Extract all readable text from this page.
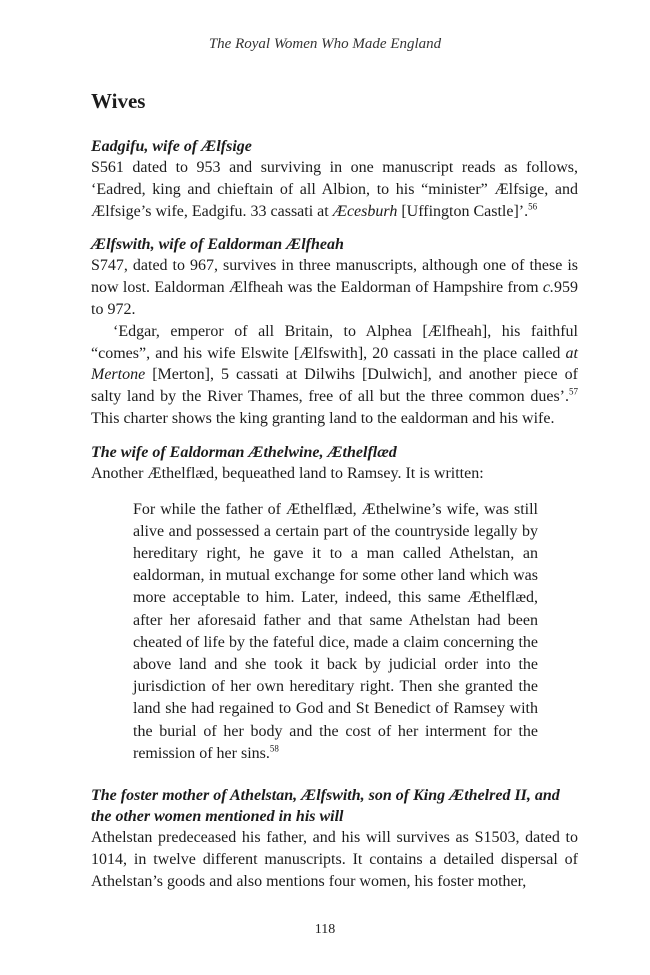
The Royal Women Who Made England
Wives
Eadgifu, wife of Ælfsige

S561 dated to 953 and surviving in one manuscript reads as follows, ‘Eadred, king and chieftain of all Albion, to his “minister” Ælfsige, and Ælfsige’s wife, Eadgifu. 33 cassati at Æcesburh [Uffington Castle]’.$^{56}$

Ælfswith, wife of Ealdorman Ælfheah

S747, dated to 967, survives in three manuscripts, although one of these is now lost. Ealdorman Ælfheah was the Ealdorman of Hampshire from c.959 to 972.

‘Edgar, emperor of all Britain, to Alphea [Ælfheah], his faithful “comes”, and his wife Elswite [Ælfswith], 20 cassati in the place called at Mertone [Merton], 5 cassati at Dilwihs [Dulwich], and another piece of salty land by the River Thames, free of all but the three common dues’.$^{57}$ This charter shows the king granting land to the ealdorman and his wife.

The wife of Ealdorman Æthelwine, Æthelflæd

Another Æthelflæd, bequeathed land to Ramsey. It is written:

For while the father of Æthelflæd, Æthelwine’s wife, was still alive and possessed a certain part of the countryside legally by hereditary right, he gave it to a man called Athelstan, an ealdorman, in mutual exchange for some other land which was more acceptable to him. Later, indeed, this same Æthelflæd, after her aforesaid father and that same Athelstan had been cheated of life by the fateful dice, made a claim concerning the above land and she took it back by judicial order into the jurisdiction of her own hereditary right. Then she granted the land she had regained to God and St Benedict of Ramsey with the burial of her body and the cost of her interment for the remission of her sins.$^{58}$

The foster mother of Athelstan, Ælfswith, son of King Æthelred II, and the other women mentioned in his will

Athelstan predeceased his father, and his will survives as S1503, dated to 1014, in twelve different manuscripts. It contains a detailed dispersal of Athelstan’s goods and also mentions four women, his foster mother,

118
